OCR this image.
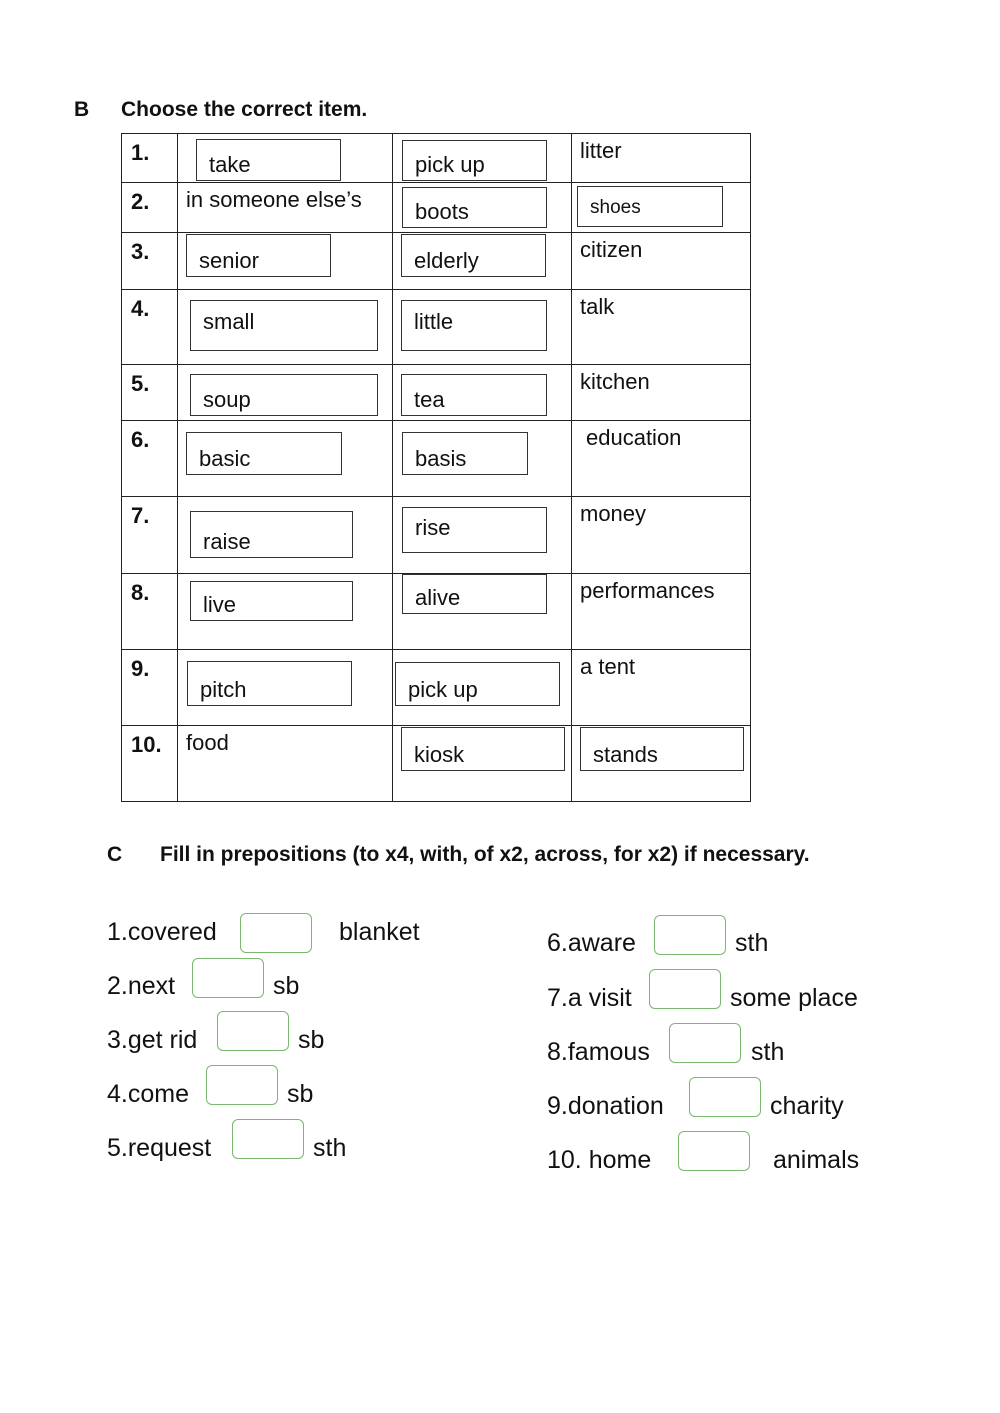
B Choose the correct item.
1.	take	pick up	litter

2.	in someone else’s	boots	shoes

3.	senior	elderly	citizen

4.	small	little	talk

5.	soup	tea	kitchen

6.	basic	basis	education

7.	raise	rise	money

8.	live	alive	performances

9.	pitch	pick up	a tent

10.	food	kiosk	stands
C Fill in prepositions (to x4, with, of x2, across, for x2) if necessary.
1.covered	blanket
2.next	sb
3.get rid	sb
4.come	sb
5.request	sth
6.aware	sth
7.a visit	some place
8.famous	sth
9.donation	charity
10. home	animals
